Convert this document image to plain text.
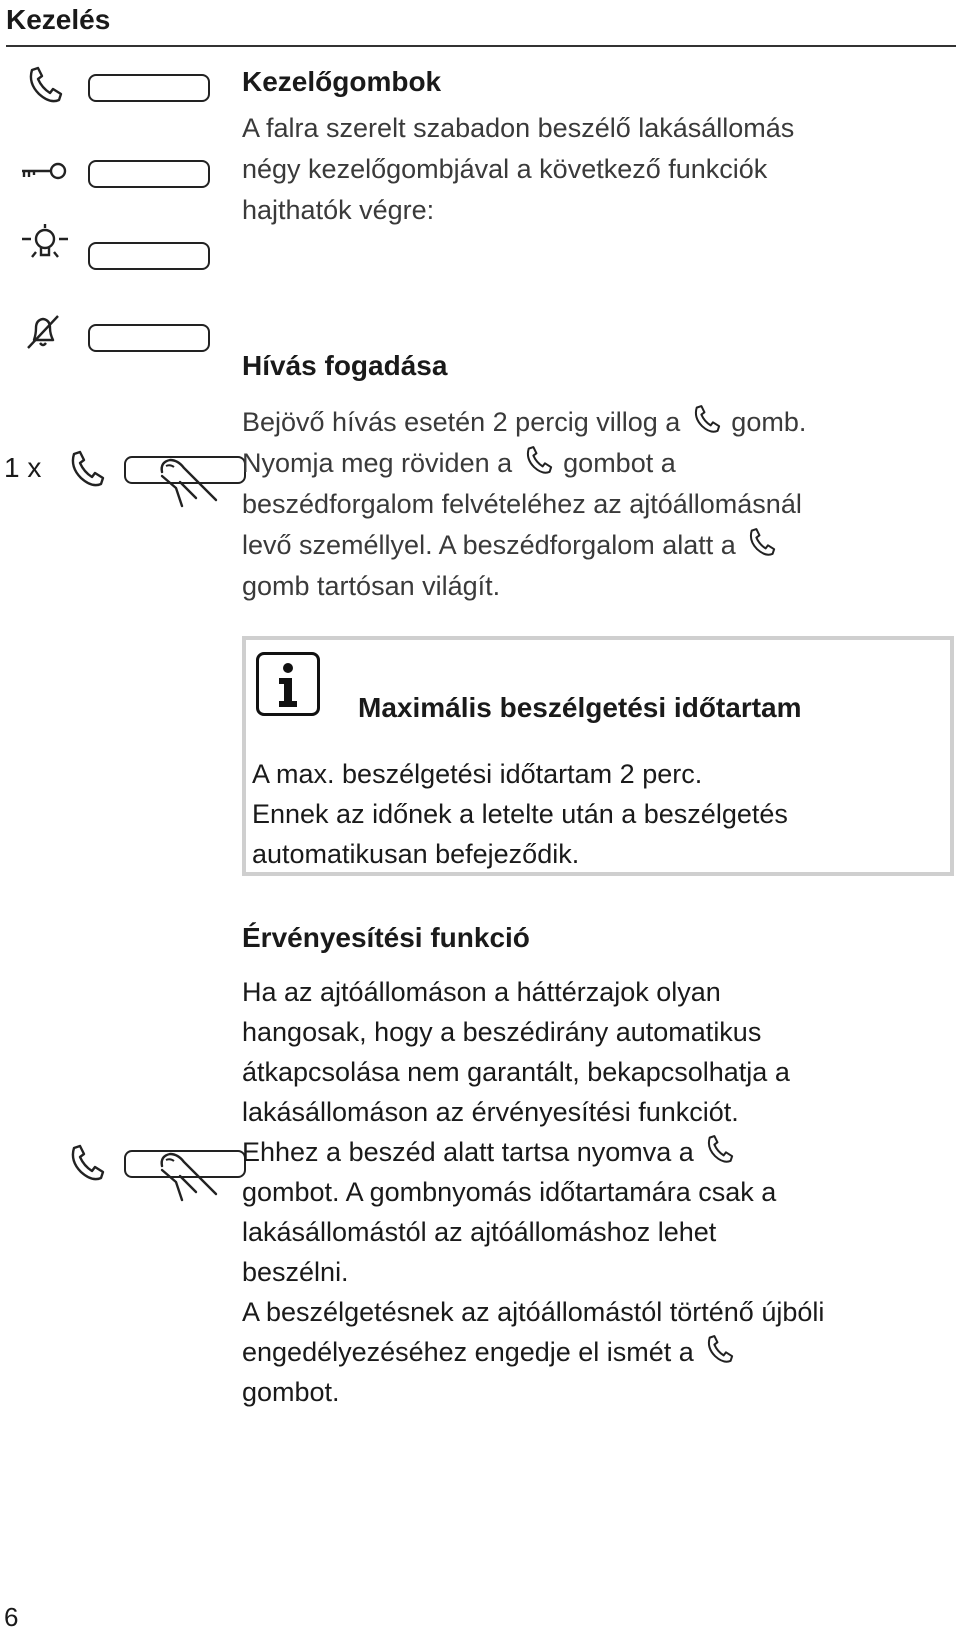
Kezelés
Kezelőgombok
A falra szerelt szabadon beszélő lakásállomás
négy kezelőgombjával a következő funkciók
hajthatók végre:
Hívás fogadása
1 x
Bejövő hívás esetén 2 percig villog a gomb.
Nyomja meg röviden a gombot a
beszédforgalom felvételéhez az ajtóállomásnál
levő személlyel. A beszédforgalom alatt a
gomb tartósan világít.
Maximális beszélgetési időtartam
A max. beszélgetési időtartam 2 perc.
Ennek az időnek a letelte után a beszélgetés
automatikusan befejeződik.
Érvényesítési funkció
Ha az ajtóállomáson a háttérzajok olyan
hangosak, hogy a beszédirány automatikus
átkapcsolása nem garantált, bekapcsolhatja a
lakásállomáson az érvényesítési funkciót.
Ehhez a beszéd alatt tartsa nyomva a
gombot. A gombnyomás időtartamára csak a
lakásállomástól az ajtóállomáshoz lehet
beszélni.
A beszélgetésnek az ajtóállomástól történő újbóli
engedélyezéséhez engedje el ismét a
gombot.
6
